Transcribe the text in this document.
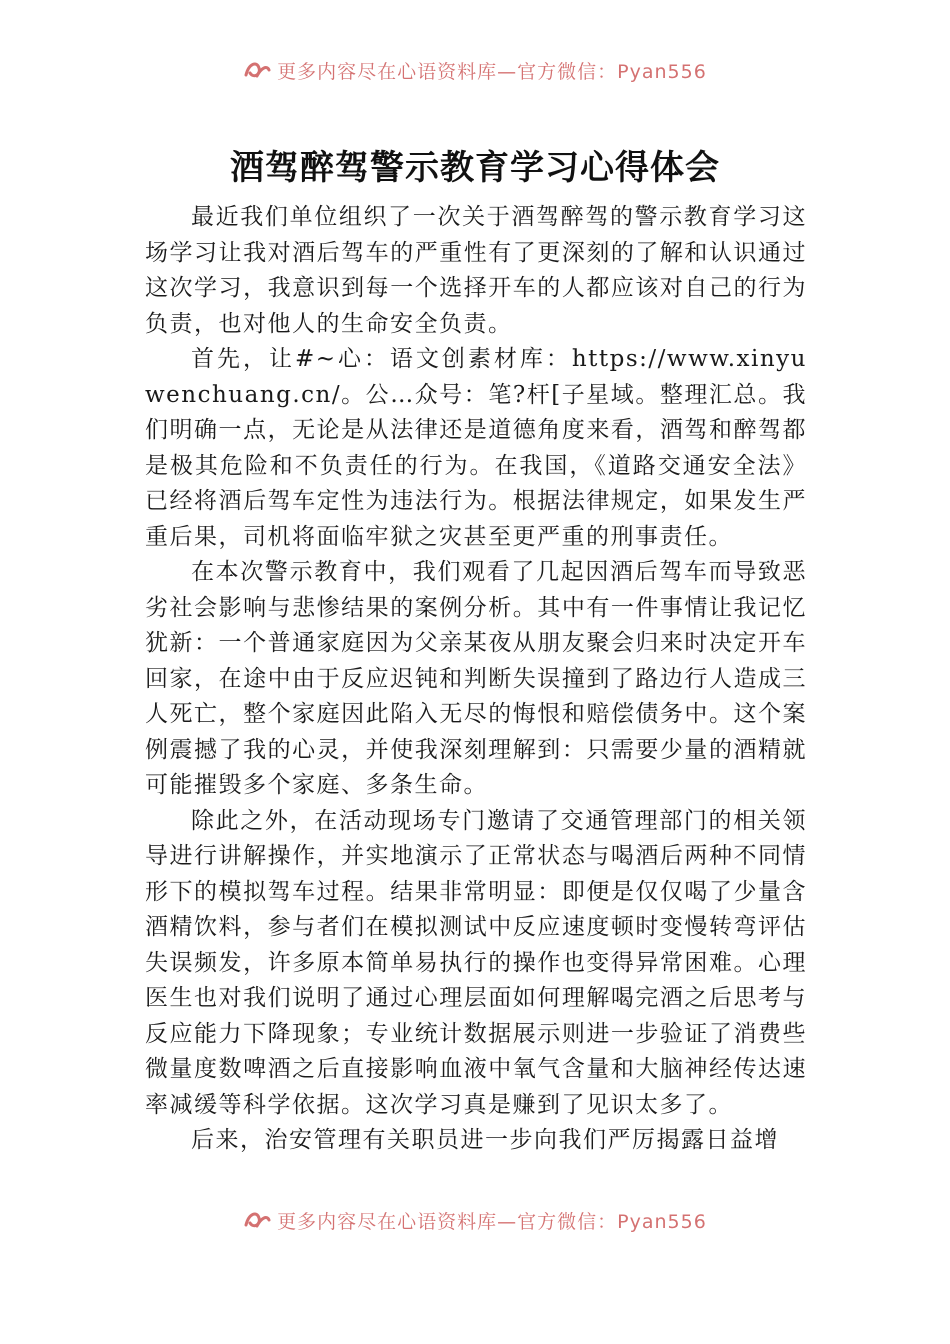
更多内容尽在心语资料库—官方微信：Pyan556
酒驾醉驾警示教育学习心得体会

最近我们单位组织了一次关于酒驾醉驾的警示教育学习这场学习让我对酒后驾车的严重性有了更深刻的了解和认识通过这次学习，我意识到每一个选择开车的人都应该对自己的行为负责，也对他人的生命安全负责。

首先，让#~心：语文创素材库：https://www.xinyuwenchuang.cn/。公…众号：笔?杆[子星域。整理汇总。我们明确一点，无论是从法律还是道德角度来看，酒驾和醉驾都是极其危险和不负责任的行为。在我国，《道路交通安全法》已经将酒后驾车定性为违法行为。根据法律规定，如果发生严重后果，司机将面临牢狱之灾甚至更严重的刑事责任。

在本次警示教育中，我们观看了几起因酒后驾车而导致恶劣社会影响与悲惨结果的案例分析。其中有一件事情让我记忆犹新：一个普通家庭因为父亲某夜从朋友聚会归来时决定开车回家，在途中由于反应迟钝和判断失误撞到了路边行人造成三人死亡，整个家庭因此陷入无尽的悔恨和赔偿债务中。这个案例震撼了我的心灵，并使我深刻理解到：只需要少量的酒精就可能摧毁多个家庭、多条生命。

除此之外，在活动现场专门邀请了交通管理部门的相关领导进行讲解操作，并实地演示了正常状态与喝酒后两种不同情形下的模拟驾车过程。结果非常明显：即便是仅仅喝了少量含酒精饮料，参与者们在模拟测试中反应速度顿时变慢转弯评估失误频发，许多原本简单易执行的操作也变得异常困难。心理医生也对我们说明了通过心理层面如何理解喝完酒之后思考与反应能力下降现象；专业统计数据展示则进一步验证了消费些微量度数啤酒之后直接影响血液中氧气含量和大脑神经传达速率减缓等科学依据。这次学习真是赚到了见识太多了。

后来，治安管理有关职员进一步向我们严厉揭露日益增

更多内容尽在心语资料库—官方微信：Pyan556
